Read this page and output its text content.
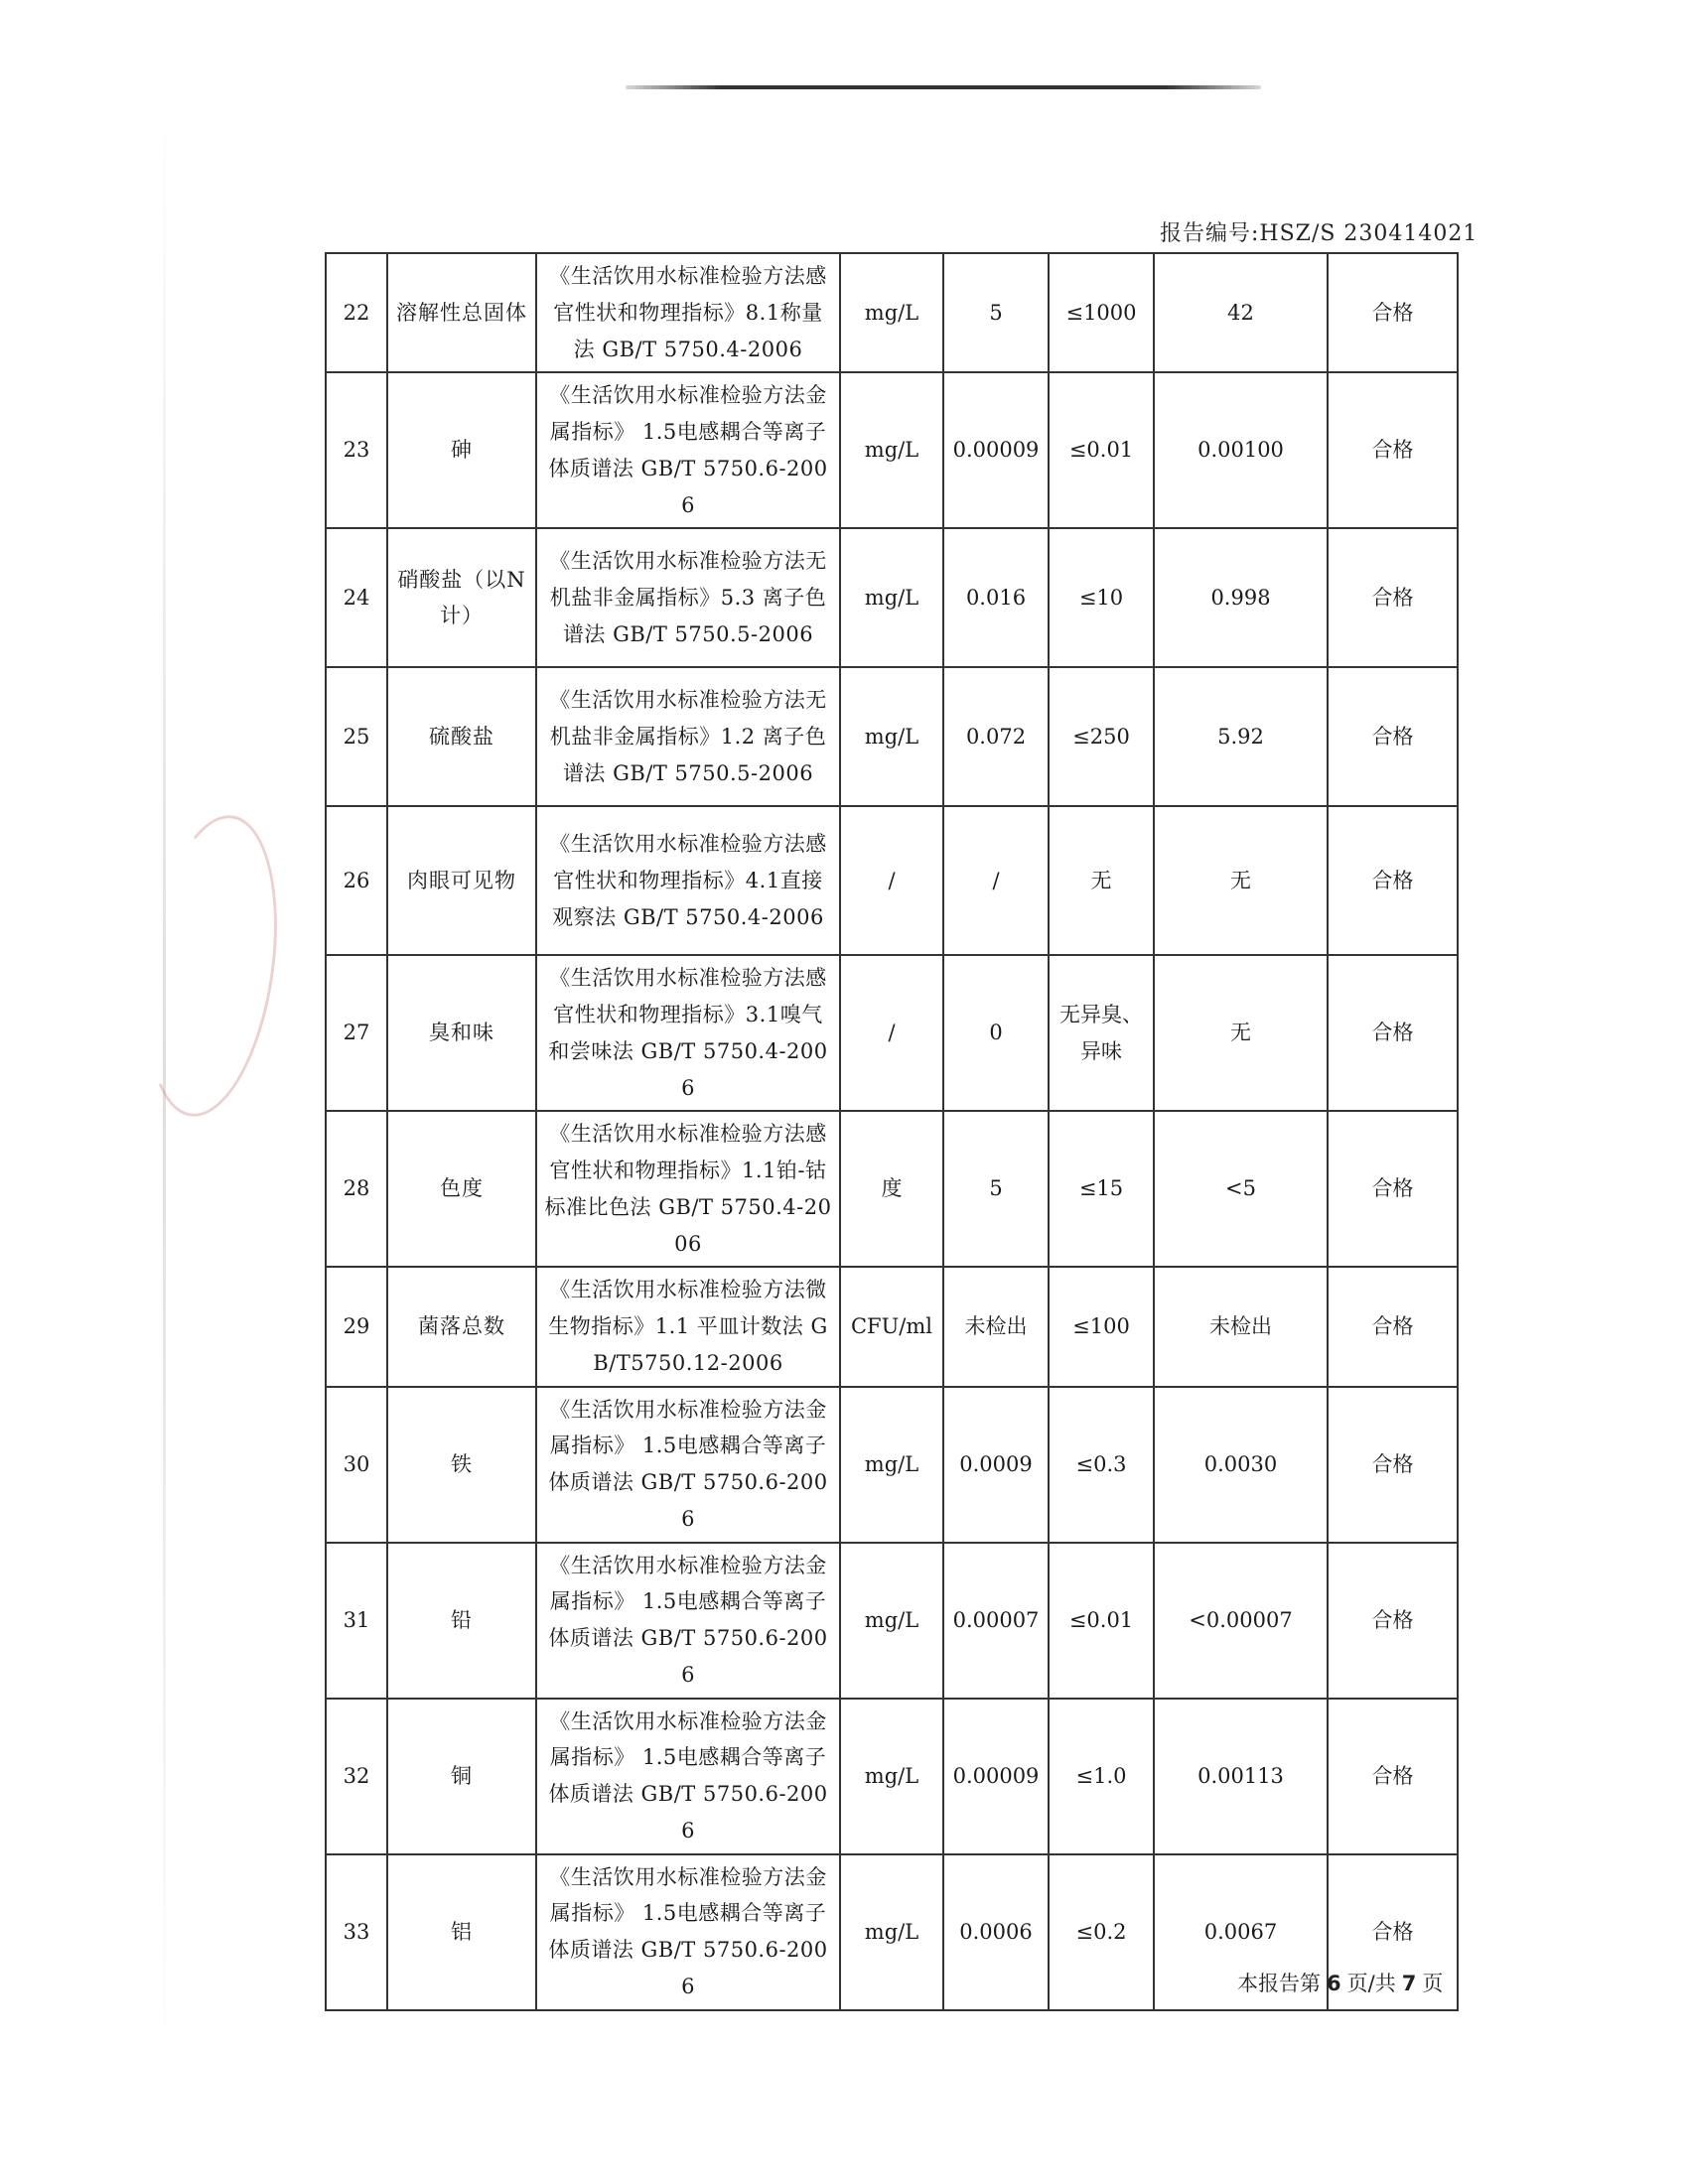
报告编号:HSZ/S 230414021
22	溶解性总固体	《生活饮用水标准检验方法感官性状和物理指标》8.1称量法 GB/T 5750.4-2006	mg/L	5	≤1000	42	合格
23	砷	《生活饮用水标准检验方法金属指标》 1.5电感耦合等离子体质谱法 GB/T 5750.6-2006	mg/L	0.00009	≤0.01	0.00100	合格
24	硝酸盐（以N计）	《生活饮用水标准检验方法无机盐非金属指标》5.3 离子色谱法 GB/T 5750.5-2006	mg/L	0.016	≤10	0.998	合格
25	硫酸盐	《生活饮用水标准检验方法无机盐非金属指标》1.2 离子色谱法 GB/T 5750.5-2006	mg/L	0.072	≤250	5.92	合格
26	肉眼可见物	《生活饮用水标准检验方法感官性状和物理指标》4.1直接观察法 GB/T 5750.4-2006	/	/	无	无	合格
27	臭和味	《生活饮用水标准检验方法感官性状和物理指标》3.1嗅气和尝味法 GB/T 5750.4-2006	/	0	无异臭、异味	无	合格
28	色度	《生活饮用水标准检验方法感官性状和物理指标》1.1铂-钴标准比色法 GB/T 5750.4-2006	度	5	≤15	<5	合格
29	菌落总数	《生活饮用水标准检验方法微生物指标》1.1 平皿计数法 GB/T5750.12-2006	CFU/ml	未检出	≤100	未检出	合格
30	铁	《生活饮用水标准检验方法金属指标》 1.5电感耦合等离子体质谱法 GB/T 5750.6-2006	mg/L	0.0009	≤0.3	0.0030	合格
31	铅	《生活饮用水标准检验方法金属指标》 1.5电感耦合等离子体质谱法 GB/T 5750.6-2006	mg/L	0.00007	≤0.01	<0.00007	合格
32	铜	《生活饮用水标准检验方法金属指标》 1.5电感耦合等离子体质谱法 GB/T 5750.6-2006	mg/L	0.00009	≤1.0	0.00113	合格
33	铝	《生活饮用水标准检验方法金属指标》 1.5电感耦合等离子体质谱法 GB/T 5750.6-2006	mg/L	0.0006	≤0.2	0.0067	合格
本报告第 6 页/共 7 页
